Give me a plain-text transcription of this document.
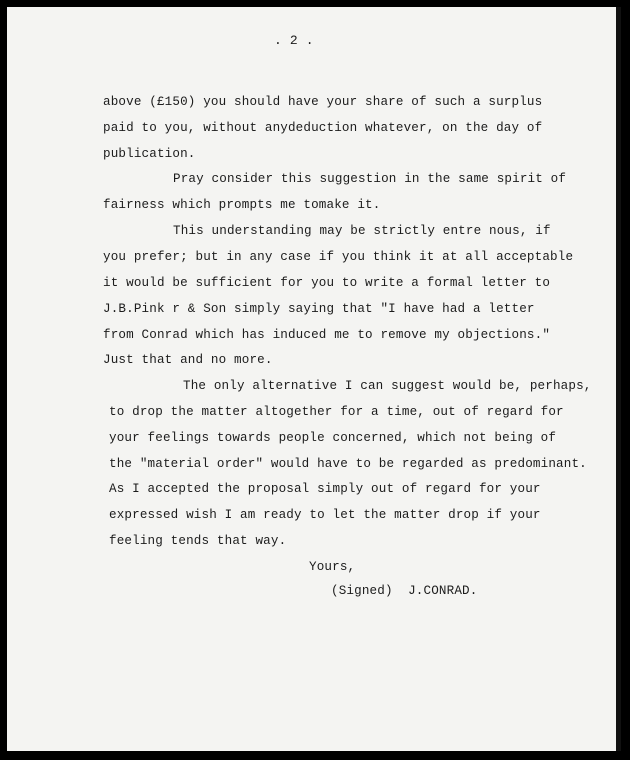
. 2 .

above (£150) you should have your share of such a surplus

paid to you, without anydeduction whatever, on the day of

publication.

Pray consider this suggestion in the same spirit of

fairness which prompts me tomake it.

This understanding may be strictly entre nous, if

you prefer; but in any case if you think it at all acceptable

it would be sufficient for you to write a formal letter to

J.B.Pink r & Son simply saying that "I have had a letter

from Conrad which has induced me to remove my objections."

Just that and no more.

The only alternative I can suggest would be, perhaps,

to drop the matter altogether for a time, out of regard for

your feelings towards people concerned, which not being of

the "material order" would have to be regarded as predominant.

As I accepted the proposal simply out of regard for your

expressed wish I am ready to let the matter drop if your

feeling tends that way.

Yours,

(Signed)  J.CONRAD.
